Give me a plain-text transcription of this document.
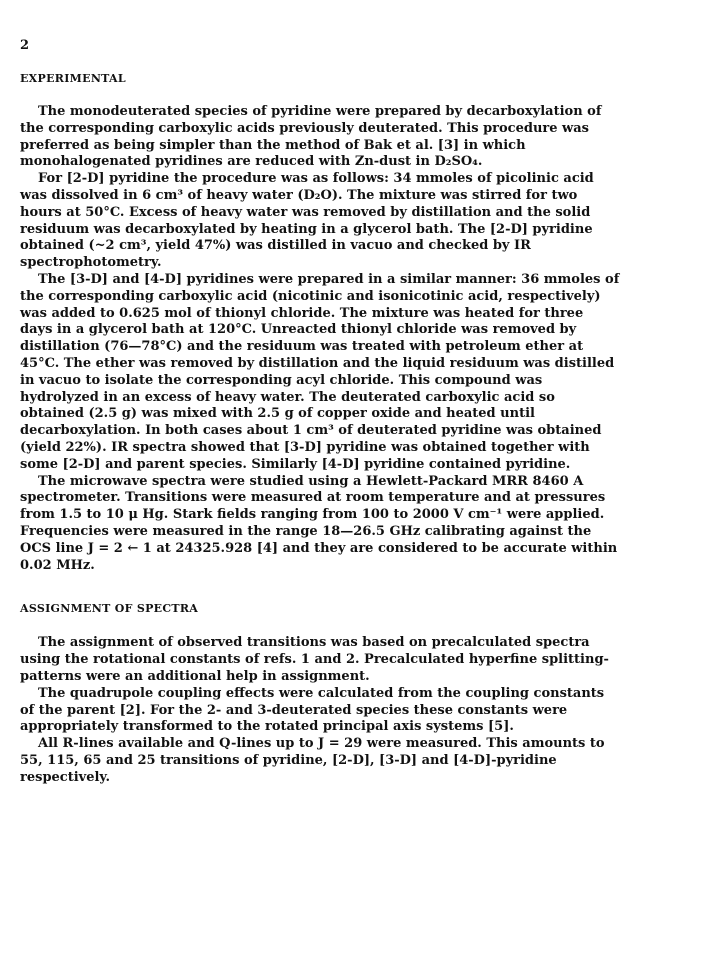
2

EXPERIMENTAL

The monodeuterated species of pyridine were prepared by decarboxylation of the corresponding carboxylic acids previously deuterated. This procedure was preferred as being simpler than the method of Bak et al. [3] in which monohalogenated pyridines are reduced with Zn-dust in D₂SO₄.

For [2-D] pyridine the procedure was as follows: 34 mmoles of picolinic acid was dissolved in 6 cm³ of heavy water (D₂O). The mixture was stirred for two hours at 50°C. Excess of heavy water was removed by distillation and the solid residuum was decarboxylated by heating in a glycerol bath. The [2-D] pyridine obtained (~2 cm³, yield 47%) was distilled in vacuo and checked by IR spectrophotometry.

The [3-D] and [4-D] pyridines were prepared in a similar manner: 36 mmoles of the corresponding carboxylic acid (nicotinic and isonicotinic acid, respectively) was added to 0.625 mol of thionyl chloride. The mixture was heated for three days in a glycerol bath at 120°C. Unreacted thionyl chloride was removed by distillation (76—78°C) and the residuum was treated with petroleum ether at 45°C. The ether was removed by distillation and the liquid residuum was distilled in vacuo to isolate the corresponding acyl chloride. This compound was hydrolyzed in an excess of heavy water. The deuterated carboxylic acid so obtained (2.5 g) was mixed with 2.5 g of copper oxide and heated until decarboxylation. In both cases about 1 cm³ of deuterated pyridine was obtained (yield 22%). IR spectra showed that [3-D] pyridine was obtained together with some [2-D] and parent species. Similarly [4-D] pyridine contained pyridine.

The microwave spectra were studied using a Hewlett-Packard MRR 8460 A spectrometer. Transitions were measured at room temperature and at pressures from 1.5 to 10 μ Hg. Stark fields ranging from 100 to 2000 V cm⁻¹ were applied. Frequencies were measured in the range 18—26.5 GHz calibrating against the OCS line J = 2 ← 1 at 24325.928 [4] and they are considered to be accurate within 0.02 MHz.

ASSIGNMENT OF SPECTRA

The assignment of observed transitions was based on precalculated spectra using the rotational constants of refs. 1 and 2. Precalculated hyperfine splitting-patterns were an additional help in assignment.

The quadrupole coupling effects were calculated from the coupling constants of the parent [2]. For the 2- and 3-deuterated species these constants were appropriately transformed to the rotated principal axis systems [5].

All R-lines available and Q-lines up to J = 29 were measured. This amounts to 55, 115, 65 and 25 transitions of pyridine, [2-D], [3-D] and [4-D]-pyridine respectively.
